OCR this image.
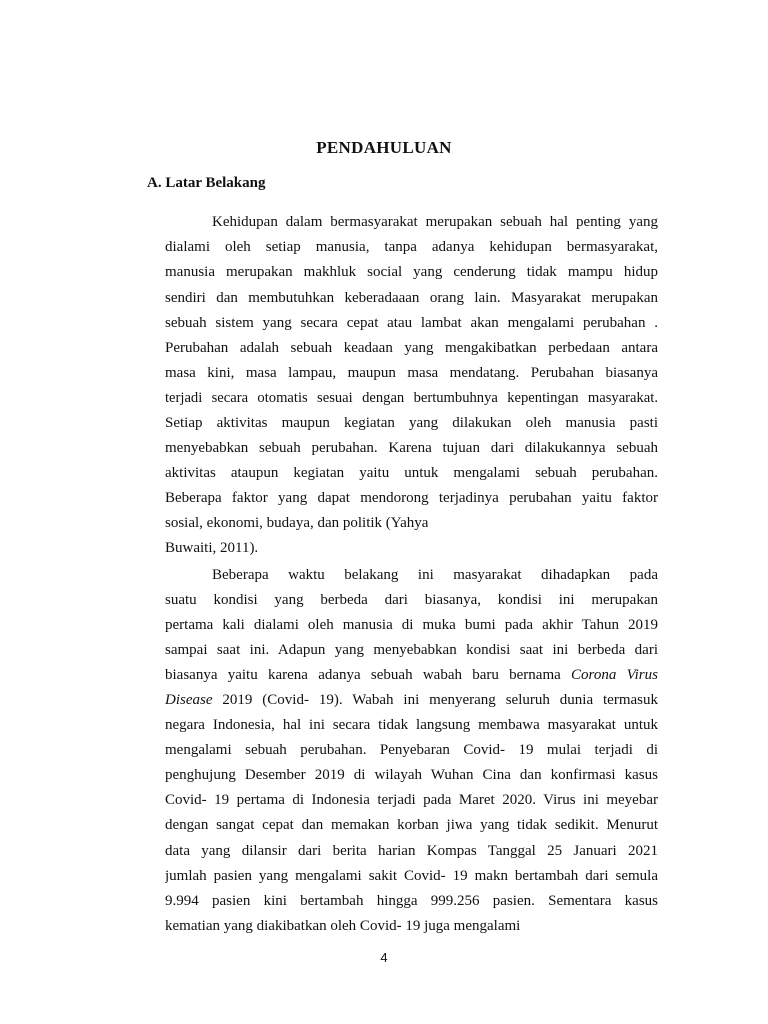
PENDAHULUAN
A. Latar Belakang
Kehidupan dalam bermasyarakat merupakan sebuah hal penting yang
dialami oleh setiap manusia, tanpa adanya kehidupan bermasyarakat,
manusia merupakan makhluk social yang cenderung tidak mampu hidup
sendiri dan membutuhkan keberadaaan orang lain. Masyarakat merupakan
sebuah sistem yang secara cepat atau lambat akan mengalami perubahan .
Perubahan adalah sebuah keadaan yang mengakibatkan perbedaan antara
masa kini, masa lampau, maupun masa mendatang. Perubahan biasanya
terjadi secara otomatis sesuai dengan bertumbuhnya kepentingan masyarakat.
Setiap aktivitas maupun kegiatan yang dilakukan oleh manusia pasti
menyebabkan sebuah perubahan. Karena tujuan dari dilakukannya sebuah
aktivitas ataupun kegiatan yaitu untuk mengalami sebuah perubahan.
Beberapa faktor yang dapat mendorong terjadinya perubahan yaitu faktor
sosial, ekonomi, budaya, dan politik (Yahya
Buwaiti, 2011).
Beberapa waktu belakang ini masyarakat dihadapkan pada
suatu kondisi yang berbeda dari biasanya, kondisi ini merupakan
pertama kali dialami oleh manusia di muka bumi pada akhir Tahun 2019
sampai saat ini. Adapun yang menyebabkan kondisi saat ini berbeda dari
biasanya yaitu karena adanya sebuah wabah baru bernama Corona Virus
Disease 2019 (Covid- 19). Wabah ini menyerang seluruh dunia termasuk
negara Indonesia, hal ini secara tidak langsung membawa masyarakat untuk
mengalami sebuah perubahan. Penyebaran Covid- 19 mulai terjadi di
penghujung Desember 2019 di wilayah Wuhan Cina dan konfirmasi kasus
Covid- 19 pertama di Indonesia terjadi pada Maret 2020. Virus ini meyebar
dengan sangat cepat dan memakan korban jiwa yang tidak sedikit. Menurut
data yang dilansir dari berita harian Kompas Tanggal 25 Januari 2021
jumlah pasien yang mengalami sakit Covid- 19 makn bertambah dari semula
9.994 pasien kini bertambah hingga 999.256 pasien. Sementara kasus
kematian yang diakibatkan oleh Covid- 19 juga mengalami
4
